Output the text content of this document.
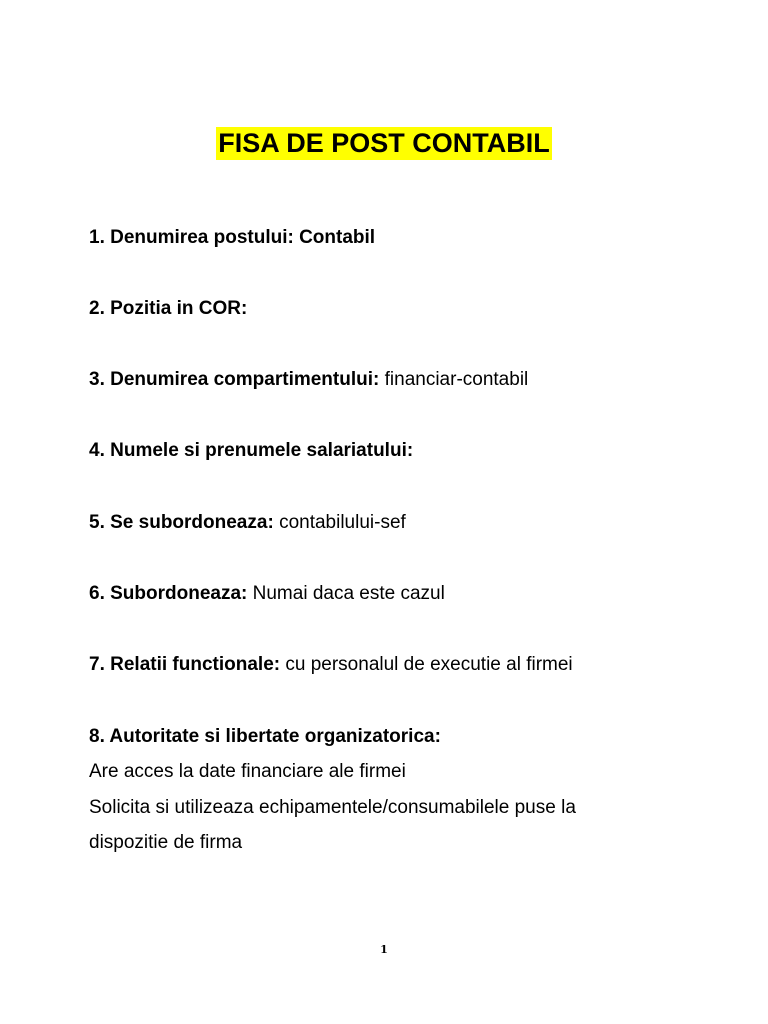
FISA DE POST CONTABIL
1. Denumirea postului: Contabil
2. Pozitia in COR:
3. Denumirea compartimentului: financiar-contabil
4. Numele si prenumele salariatului:
5. Se subordoneaza: contabilului-sef
6. Subordoneaza: Numai daca este cazul
7. Relatii functionale: cu personalul de executie al firmei
8. Autoritate si libertate organizatorica:
Are acces la date financiare ale firmei
Solicita si utilizeaza echipamentele/consumabilele puse la
dispozitie de firma
1
